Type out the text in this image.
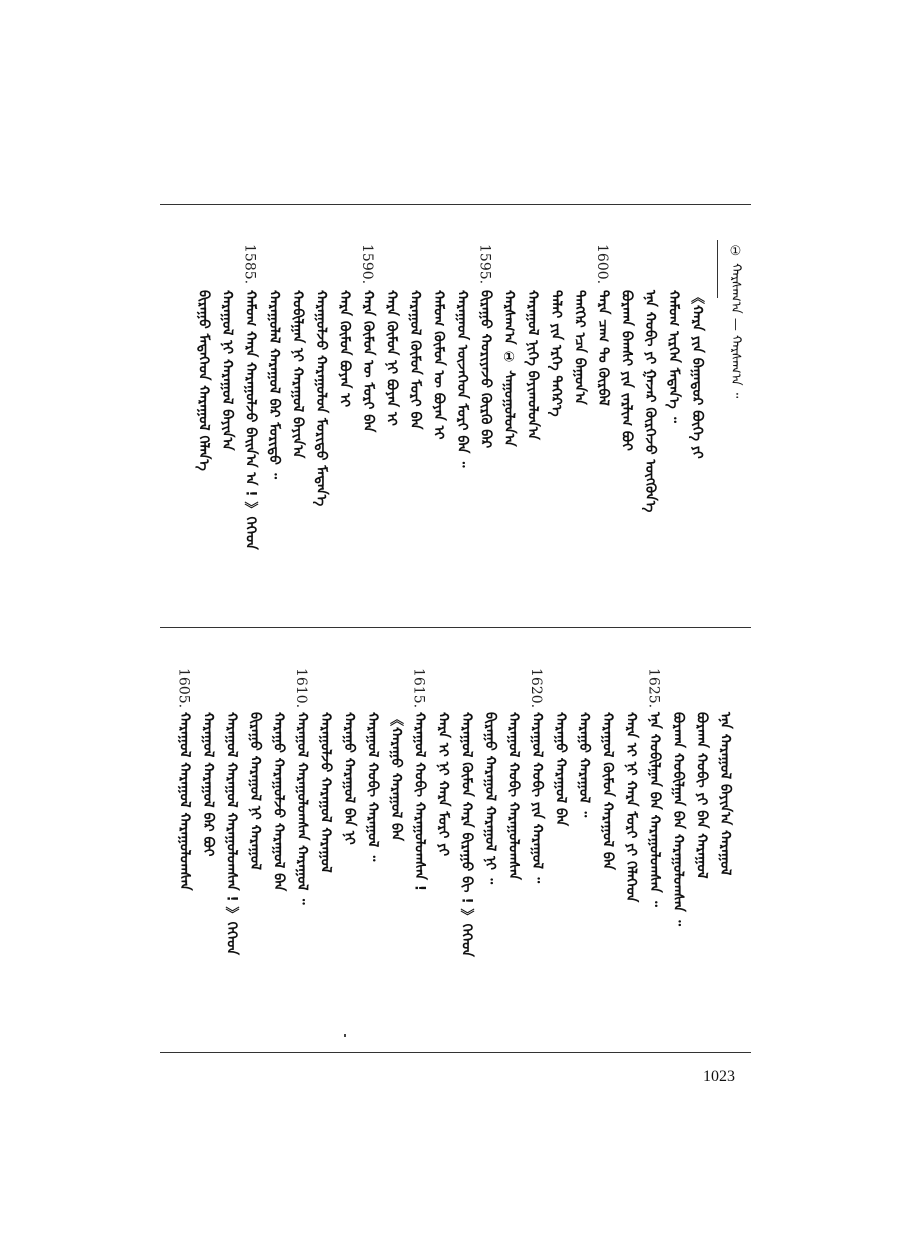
① ᠬᠠᠷᠰᠠᠭ᠎ᠠ — ᠬᠠᠷᠰᠠᠭ᠎ᠠ ᠃
《ᠬᠠᠷᠠ ᠶᠢᠨ ᠪᠠᠭᠠᠲᠤᠷ ᠪᠦᠭᠡ ᠶᠢ
ᠬᠠᠮᠤᠭ ᠢᠷᠭᠡᠨ ᠮᠡᠳᠡᠨ᠎ᠡ ᠃
ᠡᠨᠡ ᠬᠤᠪᠢ ᠶᠢ ᠭᠠᠵᠠᠷ ᠬᠦᠷᠭᠡᠵᠦ ᠥᠭᠭᠦᠨ᠎ᠡ
ᠪᠤᠷᠬᠠᠨ ᠪᠠᠭᠰᠢ ᠶᠢᠨ ᠵᠠᠷᠯᠢᠭ ᠪᠤᠢ
1600.
ᠲᠡᠷᠡ ᠴᠠᠭ ᠲᠤ ᠬᠦᠷᠪᠡᠯ
ᠲᠡᠩᠭᠡᠷ ᠡᠴᠡ ᠪᠠᠭᠤᠨ᠎ᠠ
ᠳᠠᠯᠠᠢ ᠶᠢᠨ ᠡᠷᠭᠡ ᠳᠡᠭᠡᠷ᠎ᠡ
ᠬᠠᠷᠠᠭᠤᠯ ᠨᠢᠭᠡ ᠪᠠᠶᠢᠭ᠍ᠤᠯᠤᠨ᠎ᠠ
ᠬᠠᠷᠰᠠᠭ᠎ᠠ ① ᠰᠠᠭᠤᠭᠤᠯᠤᠨ᠎ᠠ
1595.
ᠪᠢᠷᠠᠭᠤ ᠬᠤᠷᠢᠶᠠᠵᠤ ᠬᠦᠷᠬᠦ ᠪᠡᠷ
ᠬᠠᠷᠠᠭᠠᠳ ᠦᠵᠡᠭᠡᠳ ᠮᠣᠷᠢ ᠪᠠᠨ ᠃
ᠬᠠᠮᠤᠭ ᠬᠦᠮᠦᠨ ᠦ ᠪᠤᠶᠠᠨ ᠢ
ᠬᠠᠷᠠᠭᠤᠯ ᠬᠦᠮᠦᠨ ᠮᠣᠷᠢ ᠪᠠᠨ
ᠬᠠᠷᠠ ᠬᠦᠮᠦᠨ ᠨᠢ ᠪᠤᠶᠠᠨ ᠢ
1590.
ᠬᠠᠷᠠ ᠬᠦᠮᠦᠨ ᠦ ᠮᠣᠷᠢ ᠪᠠᠨ
ᠬᠠᠷᠠ ᠬᠦᠮᠦᠨ ᠪᠤᠶᠠᠨ ᠢ
ᠬᠠᠷᠠᠭᠤᠯᠵᠤ ᠬᠠᠷᠠᠭᠤᠯᠤᠨ ᠮᠣᠷᠢᠳᠤ ᠮᠡᠳᠡᠨ᠎ᠡ
ᠬᠤᠪᠢᠯᠭᠠᠨ ᠨᠢ ᠬᠠᠷᠠᠭᠤᠯ ᠪᠠᠶᠢᠨ᠎ᠠ
ᠬᠠᠷᠠᠭᠤᠯᠠᠯ ᠬᠠᠷᠠᠭᠤᠯ ᠪᠡᠷ ᠮᠣᠷᠢᠳᠤ ᠃
1585.
ᠬᠠᠮᠤᠭ ᠬᠠᠷᠠ ᠬᠠᠷᠠᠭᠤᠯᠵᠤ ᠪᠠᠢᠨ᠎ᠠ ᠠ ! 》ᠬᠡᠭᠡᠳ
ᠬᠠᠷᠠᠭᠤᠯ ᠨᠢ ᠬᠠᠷᠠᠭᠤᠯ ᠪᠠᠶᠢᠨ᠎ᠠ
ᠪᠢᠷᠠᠭᠤ ᠮᠡᠳᠡᠭᠡᠳ ᠬᠠᠷᠠᠭᠤᠯ ᠬᠡᠯᠡᠨ᠎ᠡ
ᠡᠨᠡ ᠬᠠᠷᠠᠭᠤᠯ ᠪᠠᠶᠢᠨ᠎ᠠ ᠬᠠᠷᠠᠭᠤᠯ
ᠪᠤᠷᠬᠠᠨ ᠬᠤᠪᠢ ᠶᠢ ᠪᠠᠨ ᠬᠠᠷᠠᠭᠤᠯ
ᠪᠤᠷᠬᠠᠨ ᠬᠤᠪᠢᠯᠭᠠᠨ ᠪᠠᠨ ᠬᠠᠷᠠᠭᠤᠯᠤᠭᠰᠠᠨ ᠃
1625.
ᠡᠨᠡ ᠬᠤᠪᠢᠯᠭᠠᠨ ᠪᠠᠨ ᠬᠠᠷᠠᠭᠤᠯᠤᠭᠰᠠᠨ ᠃
ᠬᠠᠷᠠ ᠢ ᠨᠢ ᠬᠠᠷᠠ ᠮᠣᠷᠢ ᠶᠢ ᠬᠡᠯᠡᠭᠡᠳ
ᠬᠠᠷᠠᠭᠤᠯ ᠬᠦᠮᠦᠨ ᠬᠠᠷᠠᠭᠤᠯ ᠪᠠᠨ
ᠬᠠᠷᠠᠭᠤ ᠬᠠᠷᠠᠭᠤᠯ ᠃
ᠬᠠᠷᠠᠭᠤ ᠬᠠᠷᠠᠭᠤᠯ ᠪᠠᠨ
1620.
ᠬᠠᠷᠠᠭᠤᠯ ᠬᠤᠪᠢ ᠶᠢᠨ ᠬᠠᠷᠠᠭᠤᠯ ᠃
ᠬᠠᠷᠠᠭᠤᠯ ᠬᠤᠪᠢ ᠬᠠᠷᠠᠭᠤᠯᠤᠭᠰᠠᠨ
ᠪᠢᠷᠠᠭᠤ ᠬᠠᠷᠠᠭᠤᠯ ᠬᠠᠷᠠᠭᠤᠯ ᠨᠢ ᠃
ᠬᠠᠷᠠᠭᠤᠯ ᠬᠦᠮᠦᠨ ᠬᠠᠷᠠ ᠪᠢᠷᠠᠭᠤ ᠪᠢ ! 》ᠬᠡᠭᠡᠳ
ᠬᠠᠷᠠ ᠢ ᠨᠢ ᠬᠠᠷᠠ ᠮᠣᠷᠢ ᠶᠢ
1615.
ᠬᠠᠷᠠᠭᠤᠯ ᠬᠤᠪᠢ ᠬᠠᠷᠠᠭᠤᠯᠤᠭᠰᠠᠨ !
《ᠬᠠᠷᠠᠭᠤ ᠬᠠᠷᠠᠭᠤᠯ ᠪᠠᠨ
ᠬᠠᠷᠠᠭᠤᠯ ᠬᠤᠪᠢ ᠬᠠᠷᠠᠭᠤᠯ ᠃
ᠬᠠᠷᠠᠭᠤ ᠬᠠᠷᠠᠭᠤᠯ ᠪᠠᠨ ᠨᠢ
ᠬᠠᠷᠠᠭᠤᠯᠵᠤ ᠬᠠᠷᠠᠭᠤᠯ ᠬᠠᠷᠠᠭᠤᠯ
1610.
ᠬᠠᠷᠠᠭᠤᠯ ᠬᠠᠷᠠᠭᠤᠯᠤᠭᠰᠠᠨ ᠬᠠᠷᠠᠭᠤᠯ ᠃
ᠬᠠᠷᠠᠭᠤ ᠬᠠᠷᠠᠭᠤᠯᠵᠤ ᠬᠠᠷᠠᠭᠤᠯ ᠪᠠᠨ
ᠪᠢᠷᠠᠭᠤ ᠬᠠᠷᠠᠭᠤᠯ ᠨᠢ ᠬᠠᠷᠠᠭᠤᠯ
ᠬᠠᠷᠠᠭᠤᠯ ᠬᠠᠷᠠᠭᠤᠯ ᠬᠠᠷᠠᠭᠤᠯᠤᠭᠰᠠᠨ ! 》ᠬᠡᠭᠡᠳ
ᠬᠠᠷᠠᠭᠤᠯ ᠬᠠᠷᠠᠭᠤᠯ ᠪᠡᠷ ᠪᠤᠢ
1605.
ᠬᠠᠷᠠᠭᠤᠯ ᠬᠠᠷᠠᠭᠤᠯ ᠬᠠᠷᠠᠭᠤᠯᠤᠭᠰᠠᠨ
1023
